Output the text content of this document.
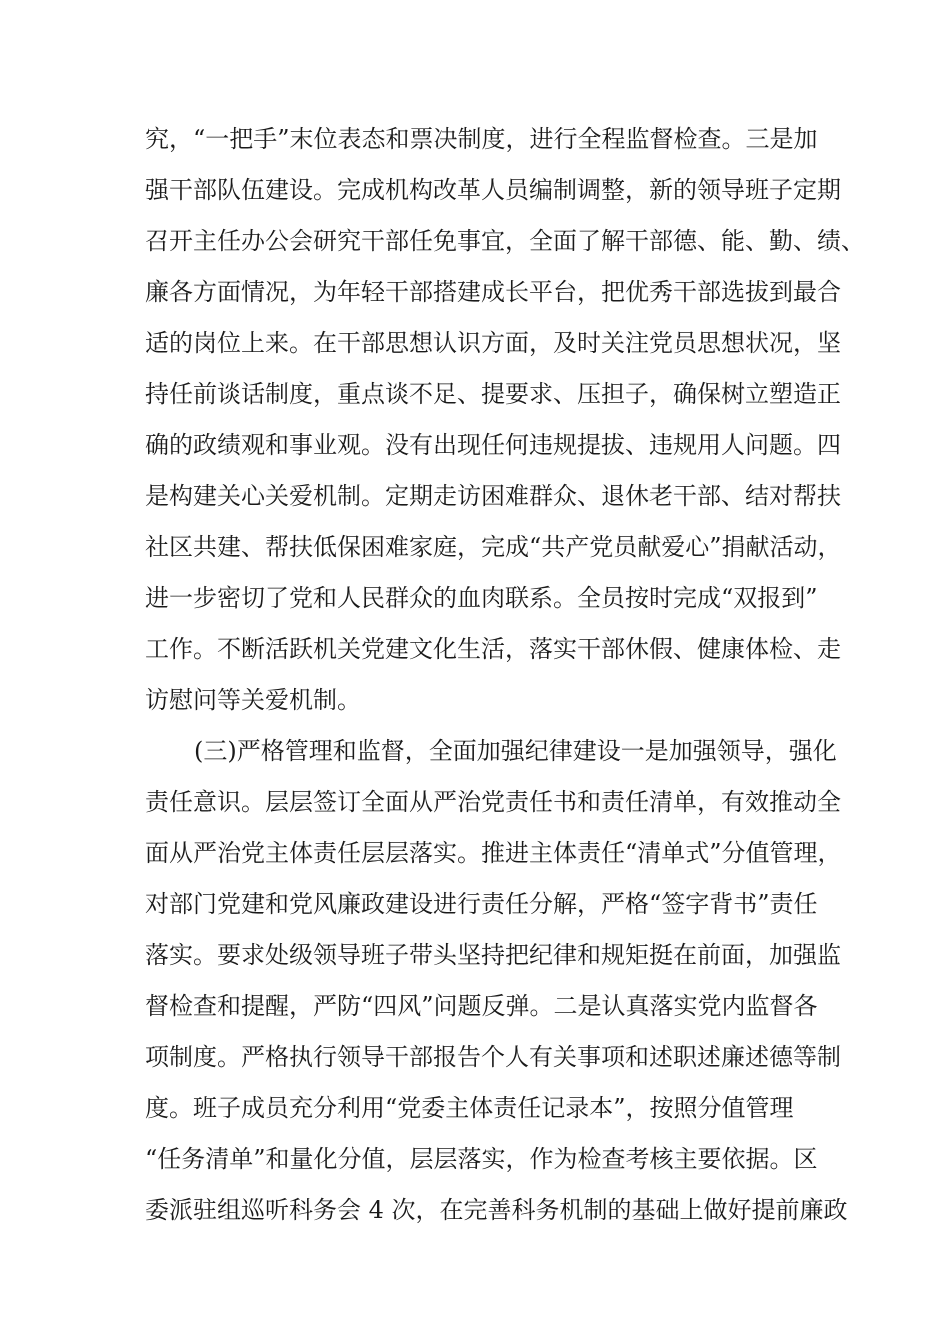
究，“一把手”末位表态和票决制度，进行全程监督检查。三是加
强干部队伍建设。完成机构改革人员编制调整，新的领导班子定期
召开主任办公会研究干部任免事宜，全面了解干部德、能、勤、绩、
廉各方面情况，为年轻干部搭建成长平台，把优秀干部选拔到最合
适的岗位上来。在干部思想认识方面，及时关注党员思想状况，坚
持任前谈话制度，重点谈不足、提要求、压担子，确保树立塑造正
确的政绩观和事业观。没有出现任何违规提拔、违规用人问题。四
是构建关心关爱机制。定期走访困难群众、退休老干部、结对帮扶
社区共建、帮扶低保困难家庭，完成“共产党员献爱心”捐献活动，
进一步密切了党和人民群众的血肉联系。全员按时完成“双报到”
工作。不断活跃机关党建文化生活，落实干部休假、健康体检、走
访慰问等关爱机制。
(三)严格管理和监督，全面加强纪律建设一是加强领导，强化
责任意识。层层签订全面从严治党责任书和责任清单，有效推动全
面从严治党主体责任层层落实。推进主体责任“清单式”分值管理，
对部门党建和党风廉政建设进行责任分解，严格“签字背书”责任
落实。要求处级领导班子带头坚持把纪律和规矩挺在前面，加强监
督检查和提醒，严防“四风”问题反弹。二是认真落实党内监督各
项制度。严格执行领导干部报告个人有关事项和述职述廉述德等制
度。班子成员充分利用“党委主体责任记录本”，按照分值管理
“任务清单”和量化分值，层层落实，作为检查考核主要依据。区
委派驻组巡听科务会 4 次，在完善科务机制的基础上做好提前廉政
